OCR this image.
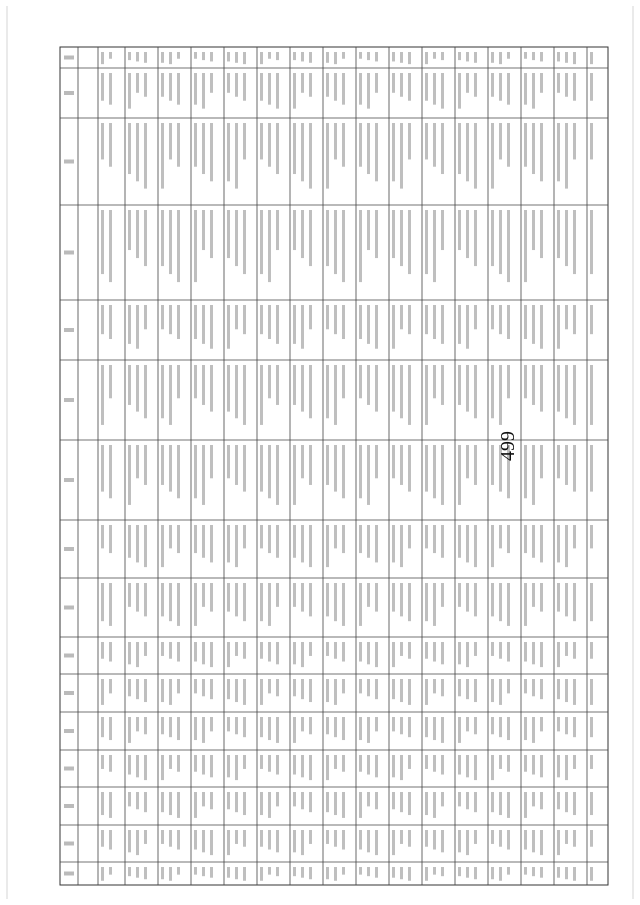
499
